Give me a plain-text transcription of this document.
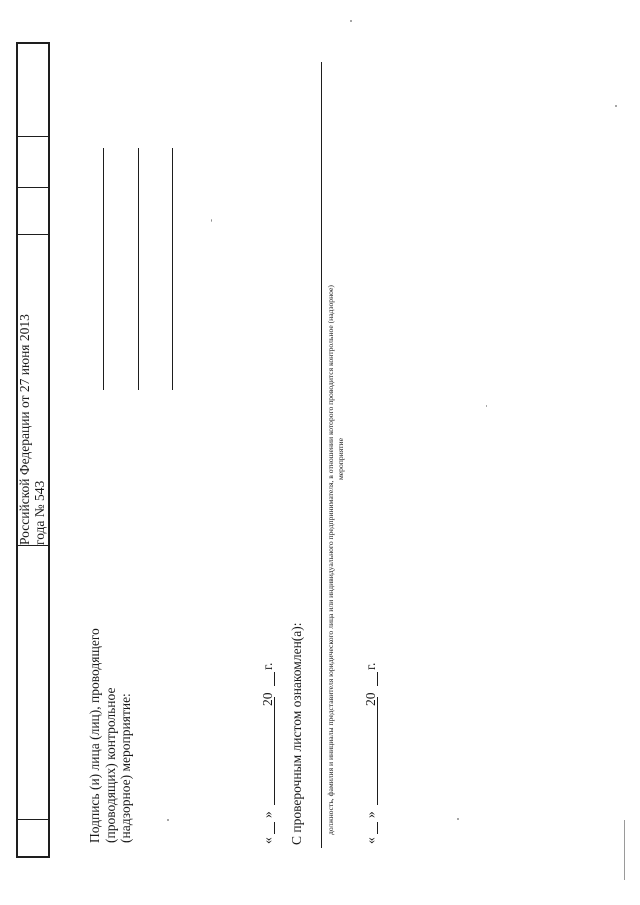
Российской Федерации от 27 июня 2013 года № 543
Подпись (и) лица (лиц), проводящего (проводящих) контрольное (надзорное) мероприятие:	«
»
20
г. С проверочным листом ознакомлен(а):	должность, фамилия и инициалы представителя юридического лица или индивидуального предпринимателя, в отношении которого проводится контрольное (надзорное) мероприятие
«
»
20
г.
